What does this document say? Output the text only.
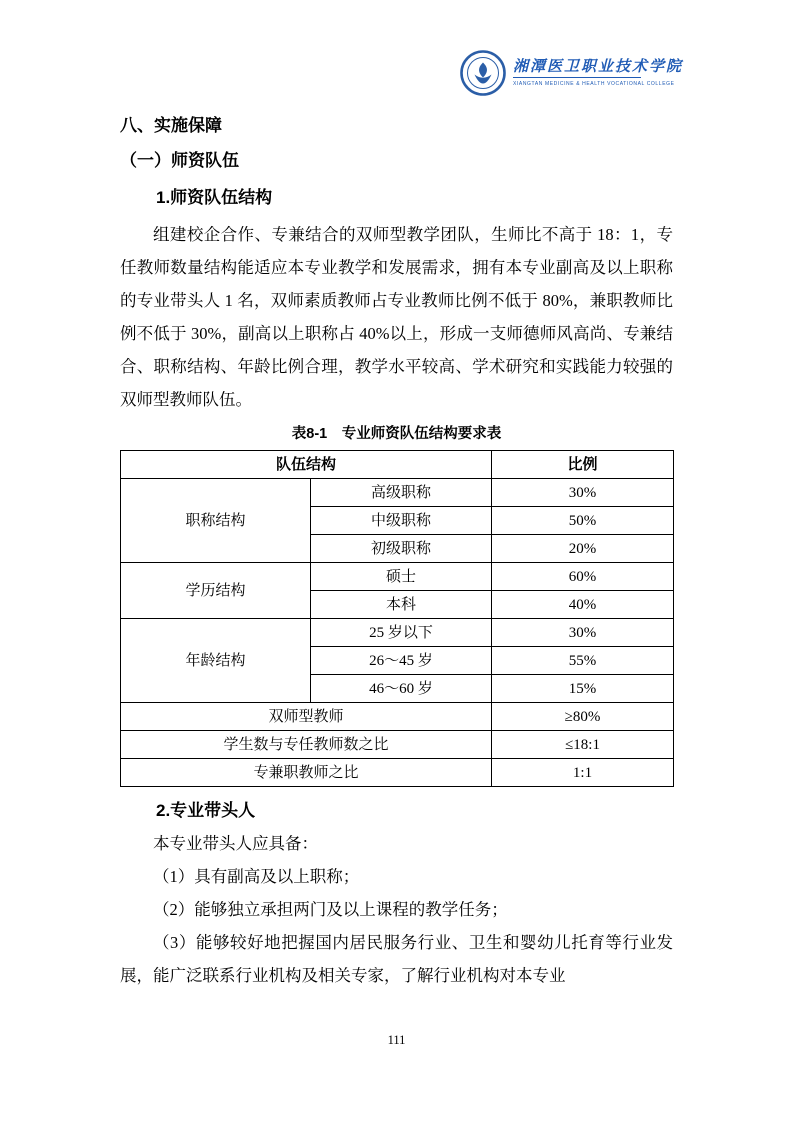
湘潭医卫职业技术学院
XIANGTAN MEDICINE & HEALTH VOCATIONAL COLLEGE

八、实施保障

（一）师资队伍

1.师资队伍结构

组建校企合作、专兼结合的双师型教学团队，生师比不高于 18：1，专任教师数量结构能适应本专业教学和发展需求，拥有本专业副高及以上职称的专业带头人 1 名，双师素质教师占专业教师比例不低于 80%，兼职教师比例不低于 30%，副高以上职称占 40%以上，形成一支师德师风高尚、专兼结合、职称结构、年龄比例合理，教学水平较高、学术研究和实践能力较强的双师型教师队伍。

表8-1　专业师资队伍结构要求表

队伍结构		比例
职称结构	高级职称	30%
	中级职称	50%
	初级职称	20%
学历结构	硕士	60%
	本科	40%
年龄结构	25 岁以下	30%
	26～45 岁	55%
	46～60 岁	15%
双师型教师		≥80%
学生数与专任教师数之比		≤18:1
专兼职教师之比		1:1

2.专业带头人

本专业带头人应具备：

（1）具有副高及以上职称；

（2）能够独立承担两门及以上课程的教学任务；

（3）能够较好地把握国内居民服务行业、卫生和婴幼儿托育等行业发展，能广泛联系行业机构及相关专家，了解行业机构对本专业

111
